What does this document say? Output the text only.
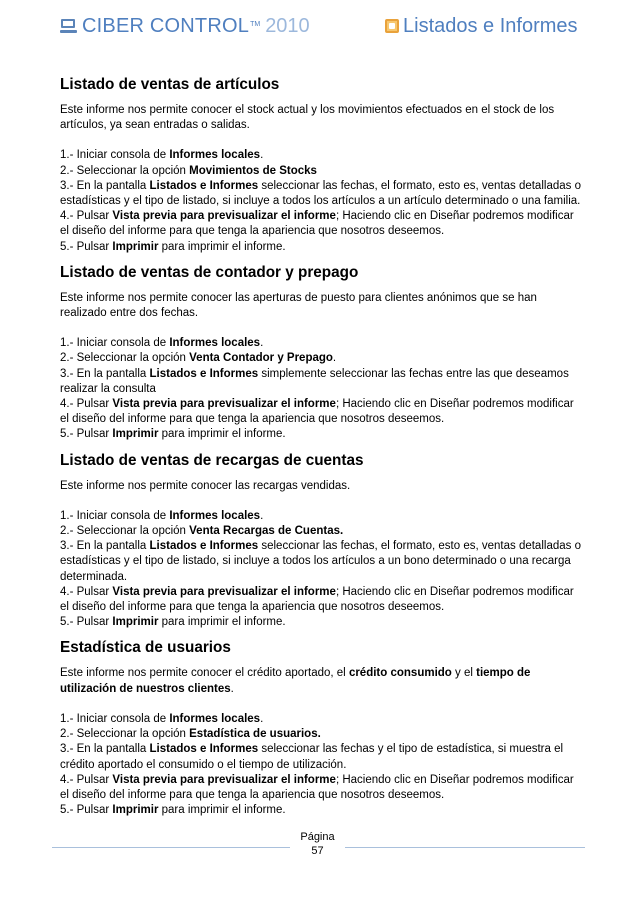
CIBER CONTROL TM 2010	Listados e Informes
Listado de ventas de artículos

Este informe nos permite conocer el stock actual y los movimientos efectuados en el stock de los artículos, ya sean entradas o salidas.

1.- Iniciar consola de Informes locales.

2.- Seleccionar la opción Movimientos de Stocks

3.- En la pantalla Listados e Informes seleccionar las fechas, el formato, esto es, ventas detalladas o estadísticas y el tipo de listado, si incluye a todos los artículos a un artículo determinado o una familia.

4.- Pulsar Vista previa para previsualizar el informe; Haciendo clic en Diseñar podremos modificar el diseño del informe para que tenga la apariencia que nosotros deseemos.

5.- Pulsar Imprimir para imprimir el informe.

Listado de ventas de contador y prepago

Este informe nos permite conocer las aperturas de puesto para clientes anónimos que se han realizado entre dos fechas.

1.- Iniciar consola de Informes locales.

2.- Seleccionar la opción Venta Contador y Prepago.

3.- En la pantalla Listados e Informes simplemente seleccionar las fechas entre las que deseamos realizar la consulta

4.- Pulsar Vista previa para previsualizar el informe; Haciendo clic en Diseñar podremos modificar el diseño del informe para que tenga la apariencia que nosotros deseemos.

5.- Pulsar Imprimir para imprimir el informe.

Listado de ventas de recargas de cuentas

Este informe nos permite conocer las recargas vendidas.

1.- Iniciar consola de Informes locales.

2.- Seleccionar la opción Venta Recargas de Cuentas.

3.- En la pantalla Listados e Informes seleccionar las fechas, el formato, esto es, ventas detalladas o estadísticas y el tipo de listado, si incluye a todos los artículos a un bono determinado o una recarga determinada.

4.- Pulsar Vista previa para previsualizar el informe; Haciendo clic en Diseñar podremos modificar el diseño del informe para que tenga la apariencia que nosotros deseemos.

5.- Pulsar Imprimir para imprimir el informe.

Estadística de usuarios

Este informe nos permite conocer el crédito aportado, el crédito consumido y el tiempo de utilización de nuestros clientes.

1.- Iniciar consola de Informes locales.

2.- Seleccionar la opción Estadística de usuarios.

3.- En la pantalla Listados e Informes seleccionar las fechas y el tipo de estadística, si muestra el crédito aportado el consumido o el tiempo de utilización.

4.- Pulsar Vista previa para previsualizar el informe; Haciendo clic en Diseñar podremos modificar el diseño del informe para que tenga la apariencia que nosotros deseemos.

5.- Pulsar Imprimir para imprimir el informe.

Página
57
